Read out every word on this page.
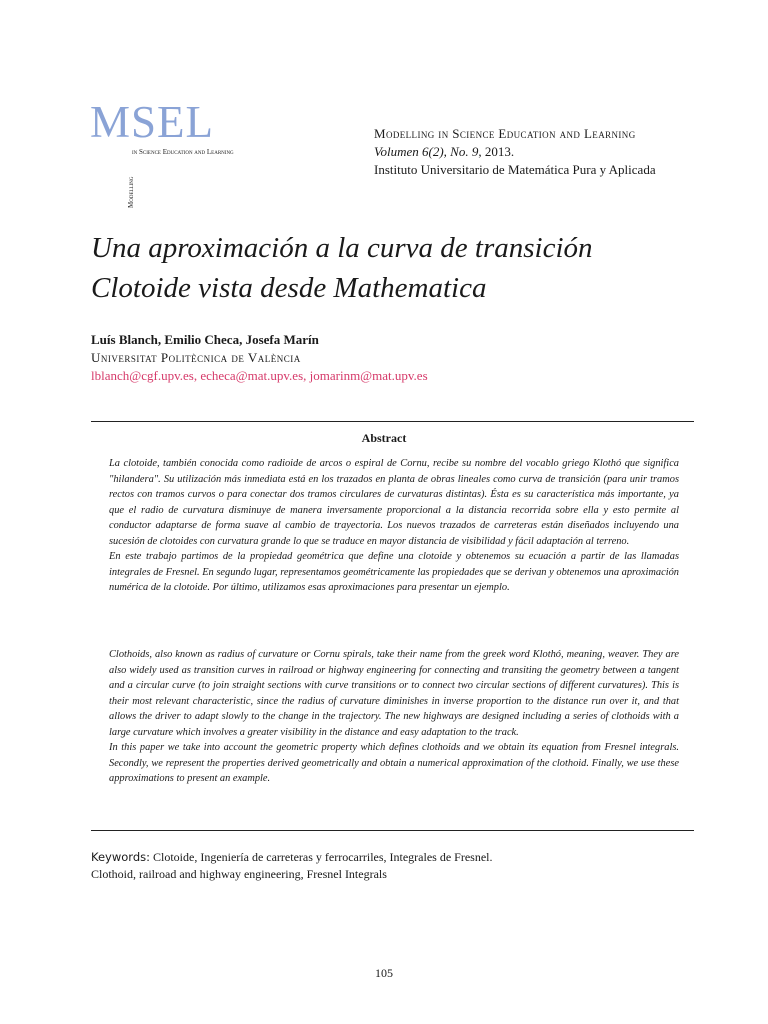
MSEL
in Science Education and Learning
Modelling
Modelling in Science Education and Learning
Volumen 6(2), No. 9, 2013.
Instituto Universitario de Matemática Pura y Aplicada
Una aproximación a la curva de transición
Clotoide vista desde Mathematica
Luís Blanch, Emilio Checa, Josefa Marín
Universitat Politècnica de València
lblanch@cgf.upv.es, echeca@mat.upv.es, jomarinm@mat.upv.es
Abstract

La clotoide, también conocida como radioide de arcos o espiral de Cornu, recibe su nombre del vocablo griego Klothó que significa "hilandera". Su utilización más inmediata está en los trazados en planta de obras lineales como curva de transición (para unir tramos rectos con tramos curvos o para conectar dos tramos circulares de curvaturas distintas). Ésta es su característica más importante, ya que el radio de curvatura disminuye de manera inversamente proporcional a la distancia recorrida sobre ella y esto permite al conductor adaptarse de forma suave al cambio de trayectoria. Los nuevos trazados de carreteras están diseñados incluyendo una sucesión de clotoides con curvatura grande lo que se traduce en mayor distancia de visibilidad y fácil adaptación al terreno.

En este trabajo partimos de la propiedad geométrica que define una clotoide y obtenemos su ecuación a partir de las llamadas integrales de Fresnel. En segundo lugar, representamos geométricamente las propiedades que se derivan y obtenemos una aproximación numérica de la clotoide. Por último, utilizamos esas aproximaciones para presentar un ejemplo.

Clothoids, also known as radius of curvature or Cornu spirals, take their name from the greek word Klothó, meaning, weaver. They are also widely used as transition curves in railroad or highway engineering for connecting and transiting the geometry between a tangent and a circular curve (to join straight sections with curve transitions or to connect two circular sections of different curvatures). This is their most relevant characteristic, since the radius of curvature diminishes in inverse proportion to the distance run over it, and that allows the driver to adapt slowly to the change in the trajectory. The new highways are designed including a series of clothoids with a large curvature which involves a greater visibility in the distance and easy adaptation to the track.

In this paper we take into account the geometric property which defines clothoids and we obtain its equation from Fresnel integrals. Secondly, we represent the properties derived geometrically and obtain a numerical approximation of the clothoid. Finally, we use these approximations to present an example.

Keywords: Clotoide, Ingeniería de carreteras y ferrocarriles, Integrales de Fresnel.
Clothoid, railroad and highway engineering, Fresnel Integrals
105
